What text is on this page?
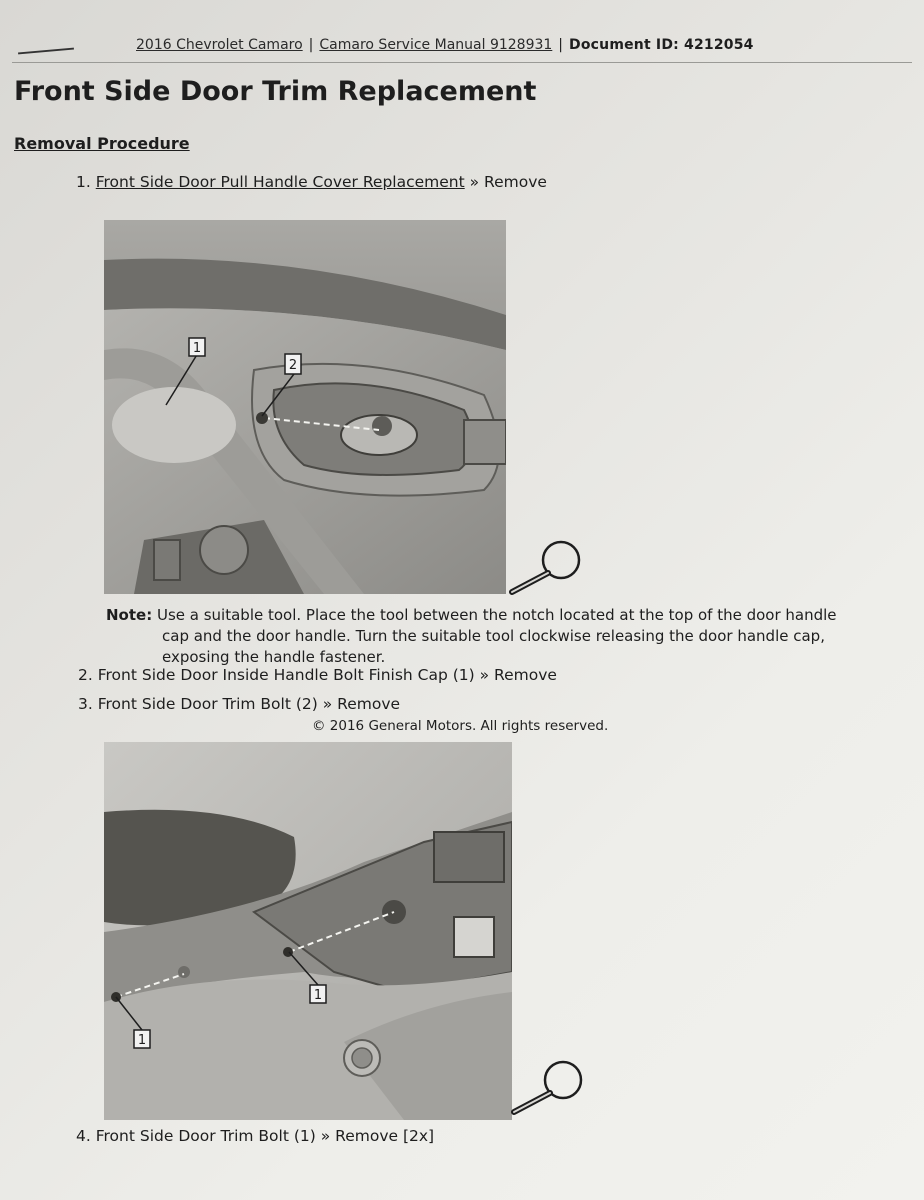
2016 Chevrolet Camaro | Camaro Service Manual 9128931 | Document ID: 4212054
Front Side Door Trim Replacement
Removal Procedure
1. Front Side Door Pull Handle Cover Replacement » Remove
1
2
Note: Use a suitable tool. Place the tool between the notch located at the top of the door handle
cap and the door handle. Turn the suitable tool clockwise releasing the door handle cap,
exposing the handle fastener.
2. Front Side Door Inside Handle Bolt Finish Cap (1) » Remove
3. Front Side Door Trim Bolt (2) » Remove
© 2016 General Motors. All rights reserved.
1
1
4. Front Side Door Trim Bolt (1) » Remove [2x]
